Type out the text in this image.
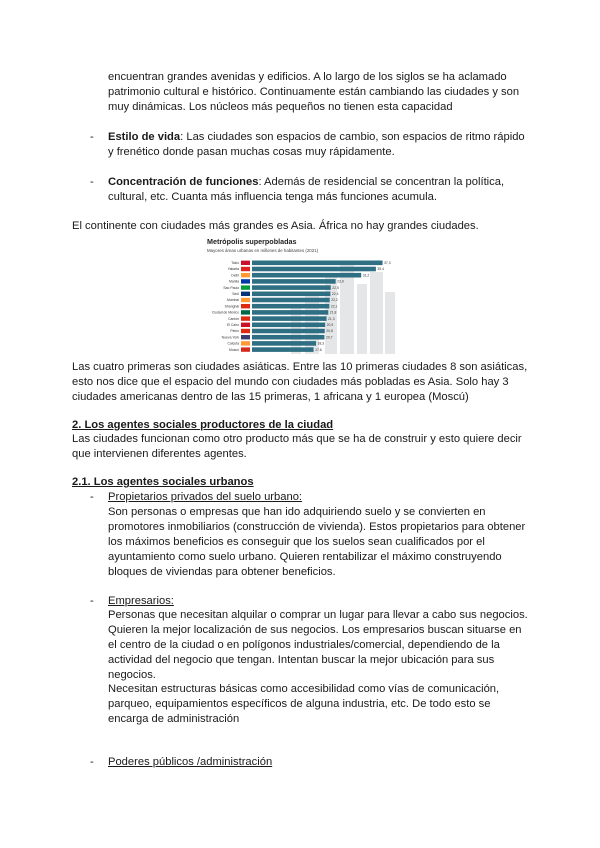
encuentran grandes avenidas y edificios. A lo largo de los siglos se ha aclamado patrimonio cultural e histórico. Continuamente están cambiando las ciudades y son muy dinámicas. Los núcleos más pequeños no tienen esta capacidad

- Estilo de vida: Las ciudades son espacios de cambio, son espacios de ritmo rápido y frenético donde pasan muchas cosas muy rápidamente.

- Concentración de funciones: Además de residencial se concentran la política, cultural, etc. Cuanta más influencia tenga más funciones acumula.

El continente con ciudades más grandes es Asia. África no hay grandes ciudades.

Metrópolis superpobladas
Mayores áreas urbanas en millones de habitantes (2021)
Tokio	37,3
Yakarta	35,4
Delhi	31,2
Manila	23,9
Sao Paulo	22,5
Seúl	22,4
Mumbai	22,2
Shanghái	22,1
Ciudad de México	21,8
Cantón	21,3
El Cairo	20,9
Pekín	20,8
Nueva York	20,7
Calcuta	18,3
Moscú	17,6

Las cuatro primeras son ciudades asiáticas. Entre las 10 primeras ciudades 8 son asiáticas, esto nos dice que el espacio del mundo con ciudades más pobladas es Asia. Solo hay 3 ciudades americanas dentro de las 15 primeras, 1 africana y 1 europea (Moscú)

2. Los agentes sociales productores de la ciudad

Las ciudades funcionan como otro producto más que se ha de construir y esto quiere decir que intervienen diferentes agentes.

2.1. Los agentes sociales urbanos

- Propietarios privados del suelo urbano:

Son personas o empresas que han ido adquiriendo suelo y se convierten en promotores inmobiliarios (construcción de vivienda). Estos propietarios para obtener los máximos beneficios es conseguir que los suelos sean cualificados por el ayuntamiento como suelo urbano. Quieren rentabilizar el máximo construyendo bloques de viviendas para obtener beneficios.

- Empresarios:

Personas que necesitan alquilar o comprar un lugar para llevar a cabo sus negocios. Quieren la mejor localización de sus negocios. Los empresarios buscan situarse en el centro de la ciudad o en polígonos industriales/comercial, dependiendo de la actividad del negocio que tengan. Intentan buscar la mejor ubicación para sus negocios.

Necesitan estructuras básicas como accesibilidad como vías de comunicación, parqueo, equipamientos específicos de alguna industria, etc. De todo esto se encarga de administración

- Poderes públicos /administración
